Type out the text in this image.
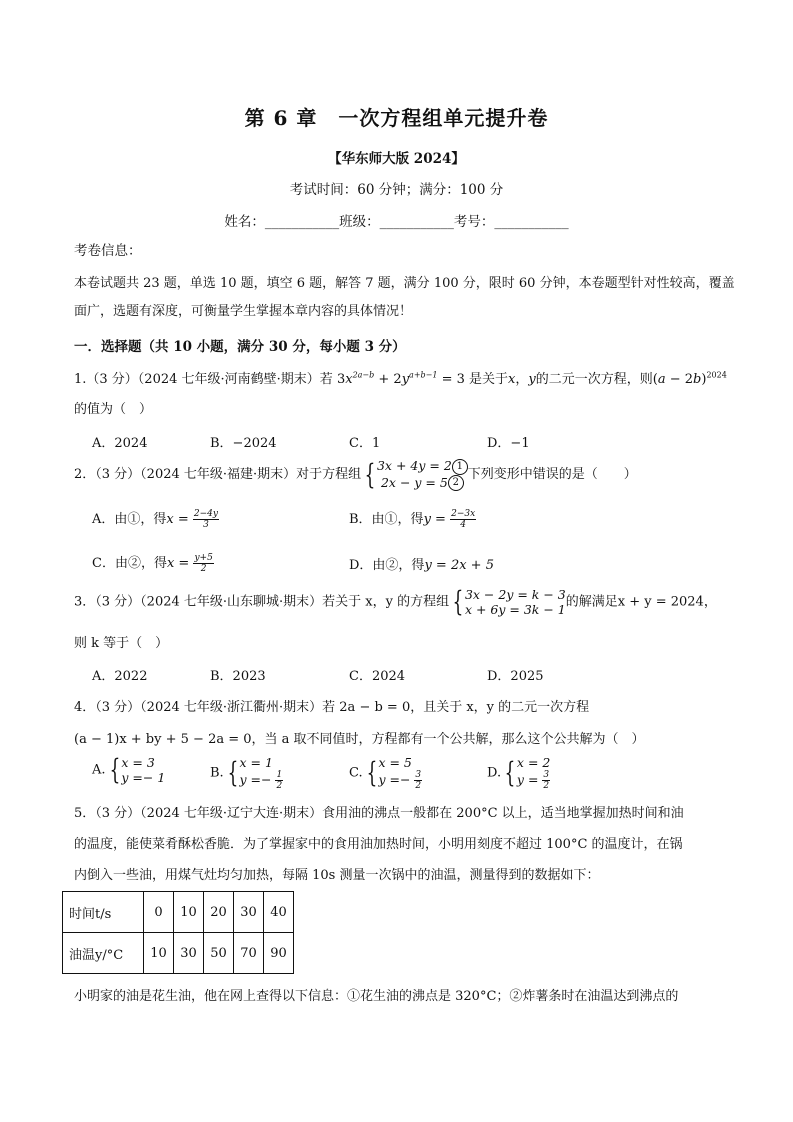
第 6 章　一次方程组单元提升卷
【华东师大版 2024】
考试时间：60 分钟；满分：100 分
姓名：___________班级：___________考号：___________
考卷信息：
本卷试题共 23 题，单选 10 题，填空 6 题，解答 7 题，满分 100 分，限时 60 分钟，本卷题型针对性较高，覆盖
面广，选题有深度，可衡量学生掌握本章内容的具体情况！
一．选择题（共 10 小题，满分 30 分，每小题 3 分）
1.（3 分）（2024 七年级·河南鹤壁·期末）若 $3x^{2a-b} + 2y^{a+b-1} = 3$ 是关于x，y的二元一次方程，则$(a - 2b)^{2024}$
的值为（　）
A．2024	B．−2024	C．1	D．−1
2．（3 分）（2024 七年级·福建·期末）对于方程组 { 3x + 4y = 2 1
2x − y = 5 2
下列变形中错误的是（　　）
A．由①，得$x = \frac{2-4y}{3}$	B．由①，得$y = \frac{2-3x}{4}$
C．由②，得$x = \frac{y+5}{2}$	D．由②，得y = 2x + 5
3．（3 分）（2024 七年级·山东聊城·期末）若关于 x，y 的方程组 { 3x − 2y = k − 3
x + 6y = 3k − 1 的解满足x + y = 2024，
则 k 等于（　）
A．2022	B．2023	C．2024	D．2025
4．（3 分）（2024 七年级·浙江衢州·期末）若 2a − b = 0，且关于 x，y 的二元一次方程
(a − 1)x + by + 5 − 2a = 0，当 a 取不同值时，方程都有一个公共解，那么这个公共解为（　）
A. { x = 3
y =− 1	B. { x = 1
$y =- \frac{1}{2}$	C. { x = 5
$y =- \frac{3}{2}$	D. { x = 2
$y = \frac{3}{2}$
5．（3 分）（2024 七年级·辽宁大连·期末）食用油的沸点一般都在 200°C 以上，适当地掌握加热时间和油
的温度，能使菜肴酥松香脆．为了掌握家中的食用油加热时间，小明用刻度不超过 100°C 的温度计，在锅
内倒入一些油，用煤气灶均匀加热，每隔 10s 测量一次锅中的油温，测量得到的数据如下：
时间t/s	0	10	20	30	40
油温y/°C	10	30	50	70	90
小明家的油是花生油，他在网上查得以下信息：①花生油的沸点是 320°C；②炸薯条时在油温达到沸点的
